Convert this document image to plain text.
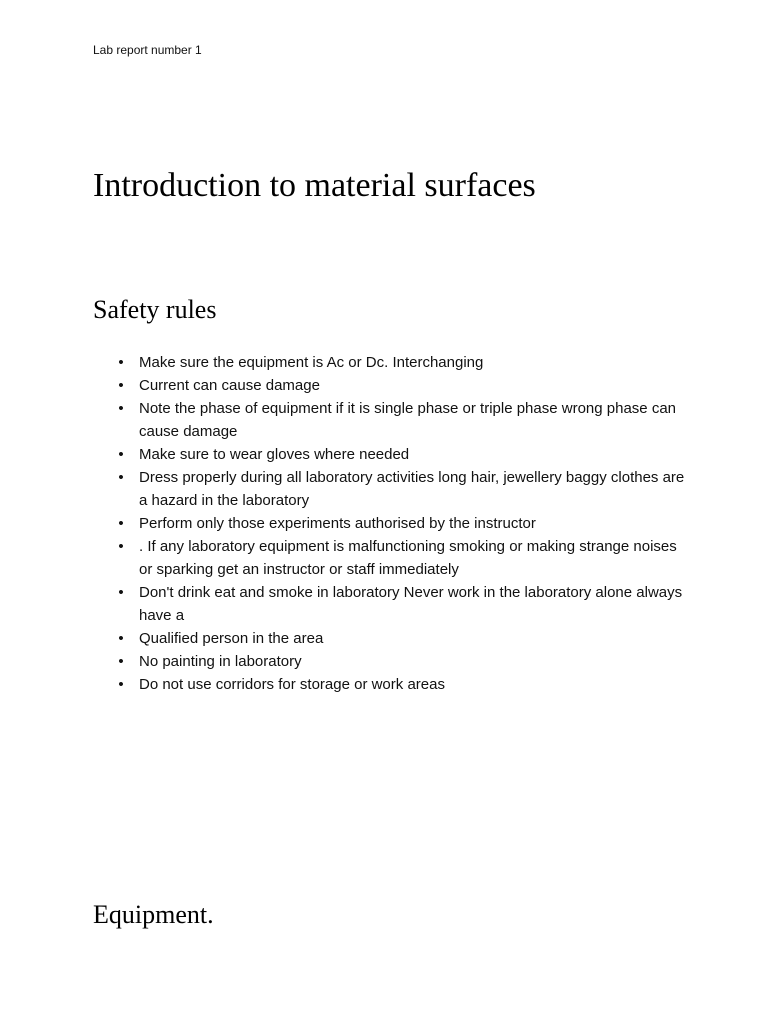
Lab report number 1
Introduction to material surfaces
Safety rules
• Make sure the equipment is Ac or Dc. Interchanging
• Current can cause damage
• Note the phase of equipment if it is single phase or triple phase wrong phase can cause damage
• Make sure to wear gloves where needed
• Dress properly during all laboratory activities long hair, jewellery baggy clothes are a hazard in the laboratory
• Perform only those experiments authorised by the instructor
• . If any laboratory equipment is malfunctioning smoking or making strange noises or sparking get an instructor or staff immediately
• Don't drink eat and smoke in laboratory Never work in the laboratory alone always have a
• Qualified person in the area
• No painting in laboratory
• Do not use corridors for storage or work areas
Equipment.
